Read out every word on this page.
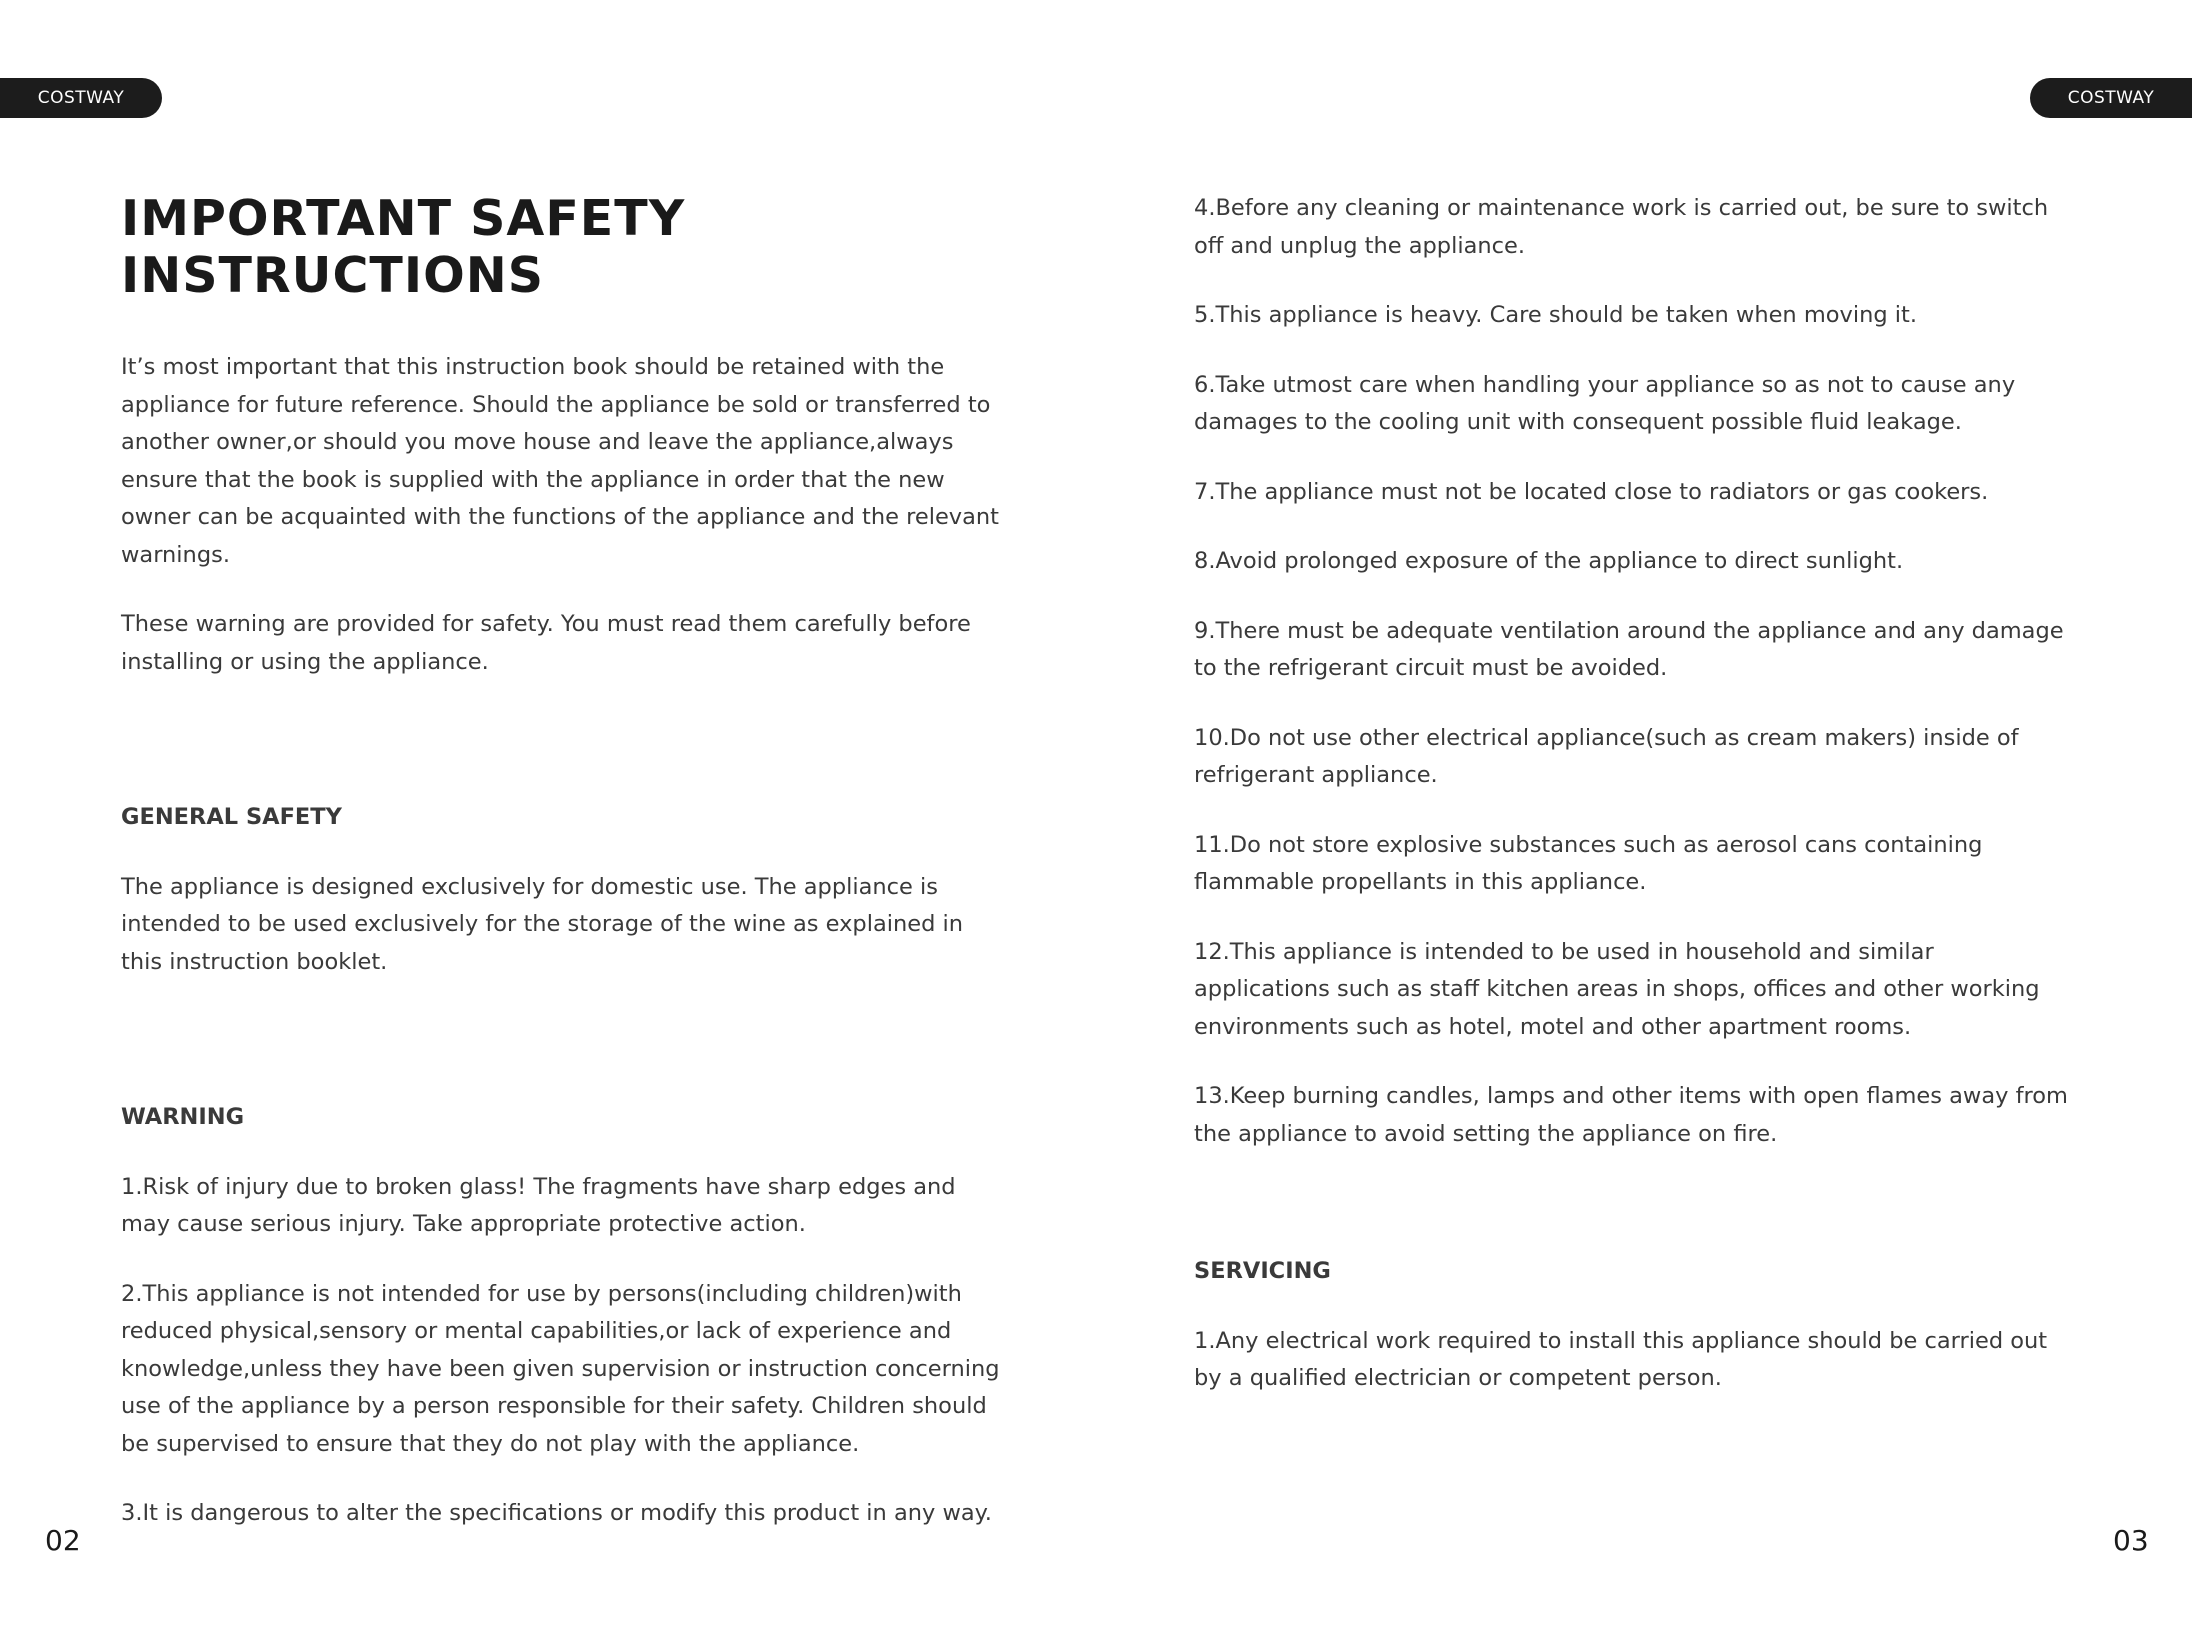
COSTWAY	COSTWAY
IMPORTANT SAFETY
INSTRUCTIONS

It’s most important that this instruction book should be retained with the appliance for future reference. Should the appliance be sold or transferred to another owner,or should you move house and leave the appliance,always ensure that the book is supplied with the appliance in order that the new owner can be acquainted with the functions of the appliance and the relevant warnings.

These warning are provided for safety. You must read them carefully before installing or using the appliance.

GENERAL SAFETY

The appliance is designed exclusively for domestic use. The appliance is intended to be used exclusively for the storage of the wine as explained in this instruction booklet.

WARNING

1.Risk of injury due to broken glass! The fragments have sharp edges and may cause serious injury. Take appropriate protective action.

2.This appliance is not intended for use by persons(including children)with reduced physical,sensory or mental capabilities,or lack of experience and knowledge,unless they have been given supervision or instruction concerning use of the appliance by a person responsible for their safety. Children should be supervised to ensure that they do not play with the appliance.

3.It is dangerous to alter the specifications or modify this product in any way.

4.Before any cleaning or maintenance work is carried out, be sure to switch off and unplug the appliance.

5.This appliance is heavy. Care should be taken when moving it.

6.Take utmost care when handling your appliance so as not to cause any damages to the cooling unit with consequent possible fluid leakage.

7.The appliance must not be located close to radiators or gas cookers.

8.Avoid prolonged exposure of the appliance to direct sunlight.

9.There must be adequate ventilation around the appliance and any damage to the refrigerant circuit must be avoided.

10.Do not use other electrical appliance(such as cream makers) inside of refrigerant appliance.

11.Do not store explosive substances such as aerosol cans containing flammable propellants in this appliance.

12.This appliance is intended to be used in household and similar applications such as staff kitchen areas in shops, offices and other working environments such as hotel, motel and other apartment rooms.

13.Keep burning candles, lamps and other items with open flames away from the appliance to avoid setting the appliance on fire.

SERVICING

1.Any electrical work required to install this appliance should be carried out by a qualified electrician or competent person.

02	03
